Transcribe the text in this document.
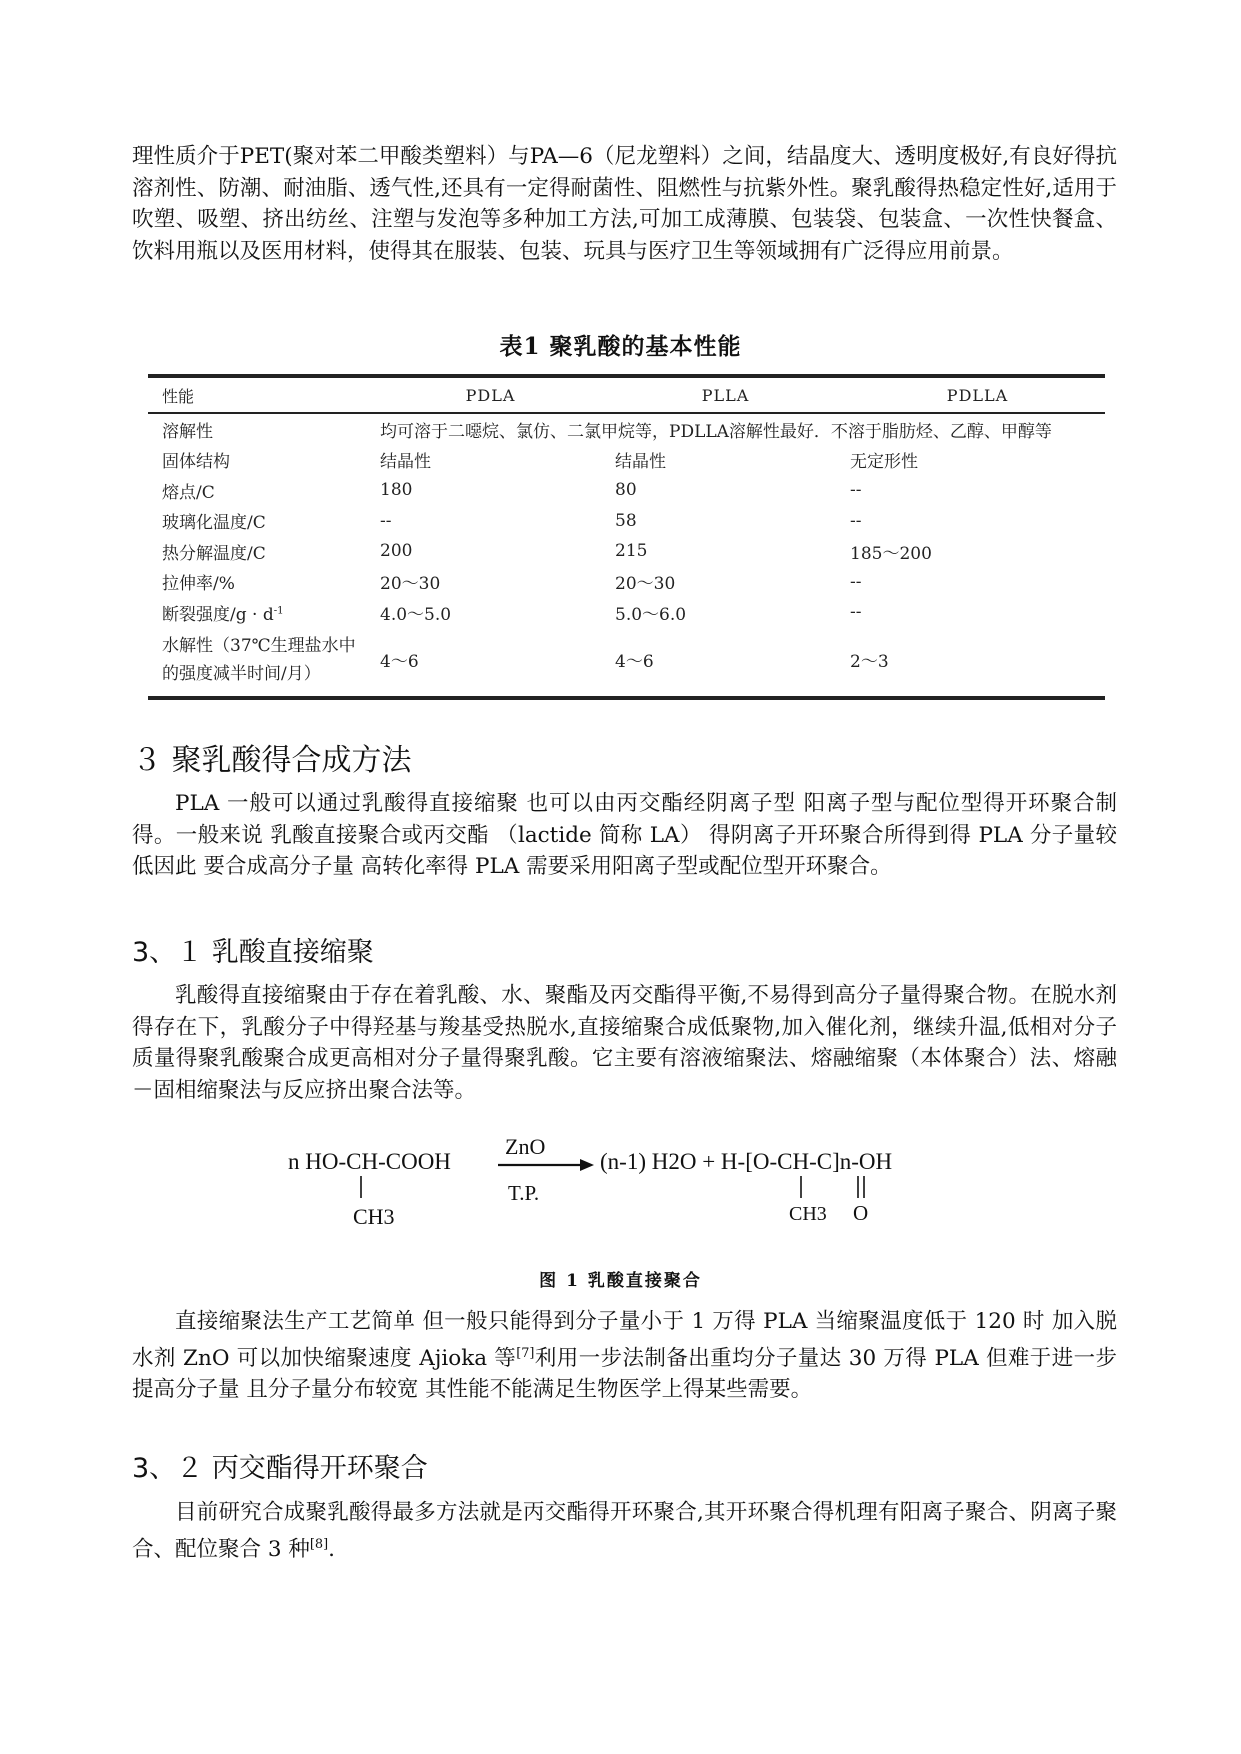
理性质介于PET(聚对苯二甲酸类塑料）与PA—6（尼龙塑料）之间，结晶度大、透明度极好,有良好得抗溶剂性、防潮、耐油脂、透气性,还具有一定得耐菌性、阻燃性与抗紫外性。聚乳酸得热稳定性好,适用于吹塑、吸塑、挤出纺丝、注塑与发泡等多种加工方法,可加工成薄膜、包装袋、包装盒、一次性快餐盒、饮料用瓶以及医用材料，使得其在服装、包装、玩具与医疗卫生等领域拥有广泛得应用前景。

表1 聚乳酸的基本性能

性能	PDLA	PLLA	PDLLA
溶解性	均可溶于二噁烷、氯仿、二氯甲烷等，PDLLA溶解性最好．不溶于脂肪烃、乙醇、甲醇等		
固体结构	结晶性	结晶性	无定形性
熔点/C	180	80	--
玻璃化温度/C	--	58	--
热分解温度/C	200	215	185～200
拉伸率/%	20～30	20～30	--
断裂强度$/g \cdot d^{-1}$	4.0～5.0	5.0～6.0	--
水解性（37℃生理盐水中
的强度减半时间/月）	4～6	4～6	2～3
３ 聚乳酸得合成方法

PLA 一般可以通过乳酸得直接缩聚 也可以由丙交酯经阴离子型 阳离子型与配位型得开环聚合制得。一般来说 乳酸直接聚合或丙交酯 （lactide 简称 LA） 得阴离子开环聚合所得到得 PLA 分子量较低因此 要合成高分子量 高转化率得 PLA 需要采用阳离子型或配位型开环聚合。

3、１ 乳酸直接缩聚

乳酸得直接缩聚由于存在着乳酸、水、聚酯及丙交酯得平衡,不易得到高分子量得聚合物。在脱水剂得存在下，乳酸分子中得羟基与羧基受热脱水,直接缩聚合成低聚物,加入催化剂，继续升温,低相对分子质量得聚乳酸聚合成更高相对分子量得聚乳酸。它主要有溶液缩聚法、熔融缩聚（本体聚合）法、熔融－固相缩聚法与反应挤出聚合法等。

n HO-CH-COOH
CH3
ZnO
T.P.
(n-1) H2O + H-[O-CH-C]n-OH
CH3 O

图 1 乳酸直接聚合

直接缩聚法生产工艺简单 但一般只能得到分子量小于 1 万得 PLA 当缩聚温度低于 120 时 加入脱水剂 ZnO 可以加快缩聚速度 Ajioka 等[7]利用一步法制备出重均分子量达 30 万得 PLA 但难于进一步提高分子量 且分子量分布较宽 其性能不能满足生物医学上得某些需要。

3、２ 丙交酯得开环聚合

目前研究合成聚乳酸得最多方法就是丙交酯得开环聚合,其开环聚合得机理有阳离子聚合、阴离子聚合、配位聚合 3 种[8].
